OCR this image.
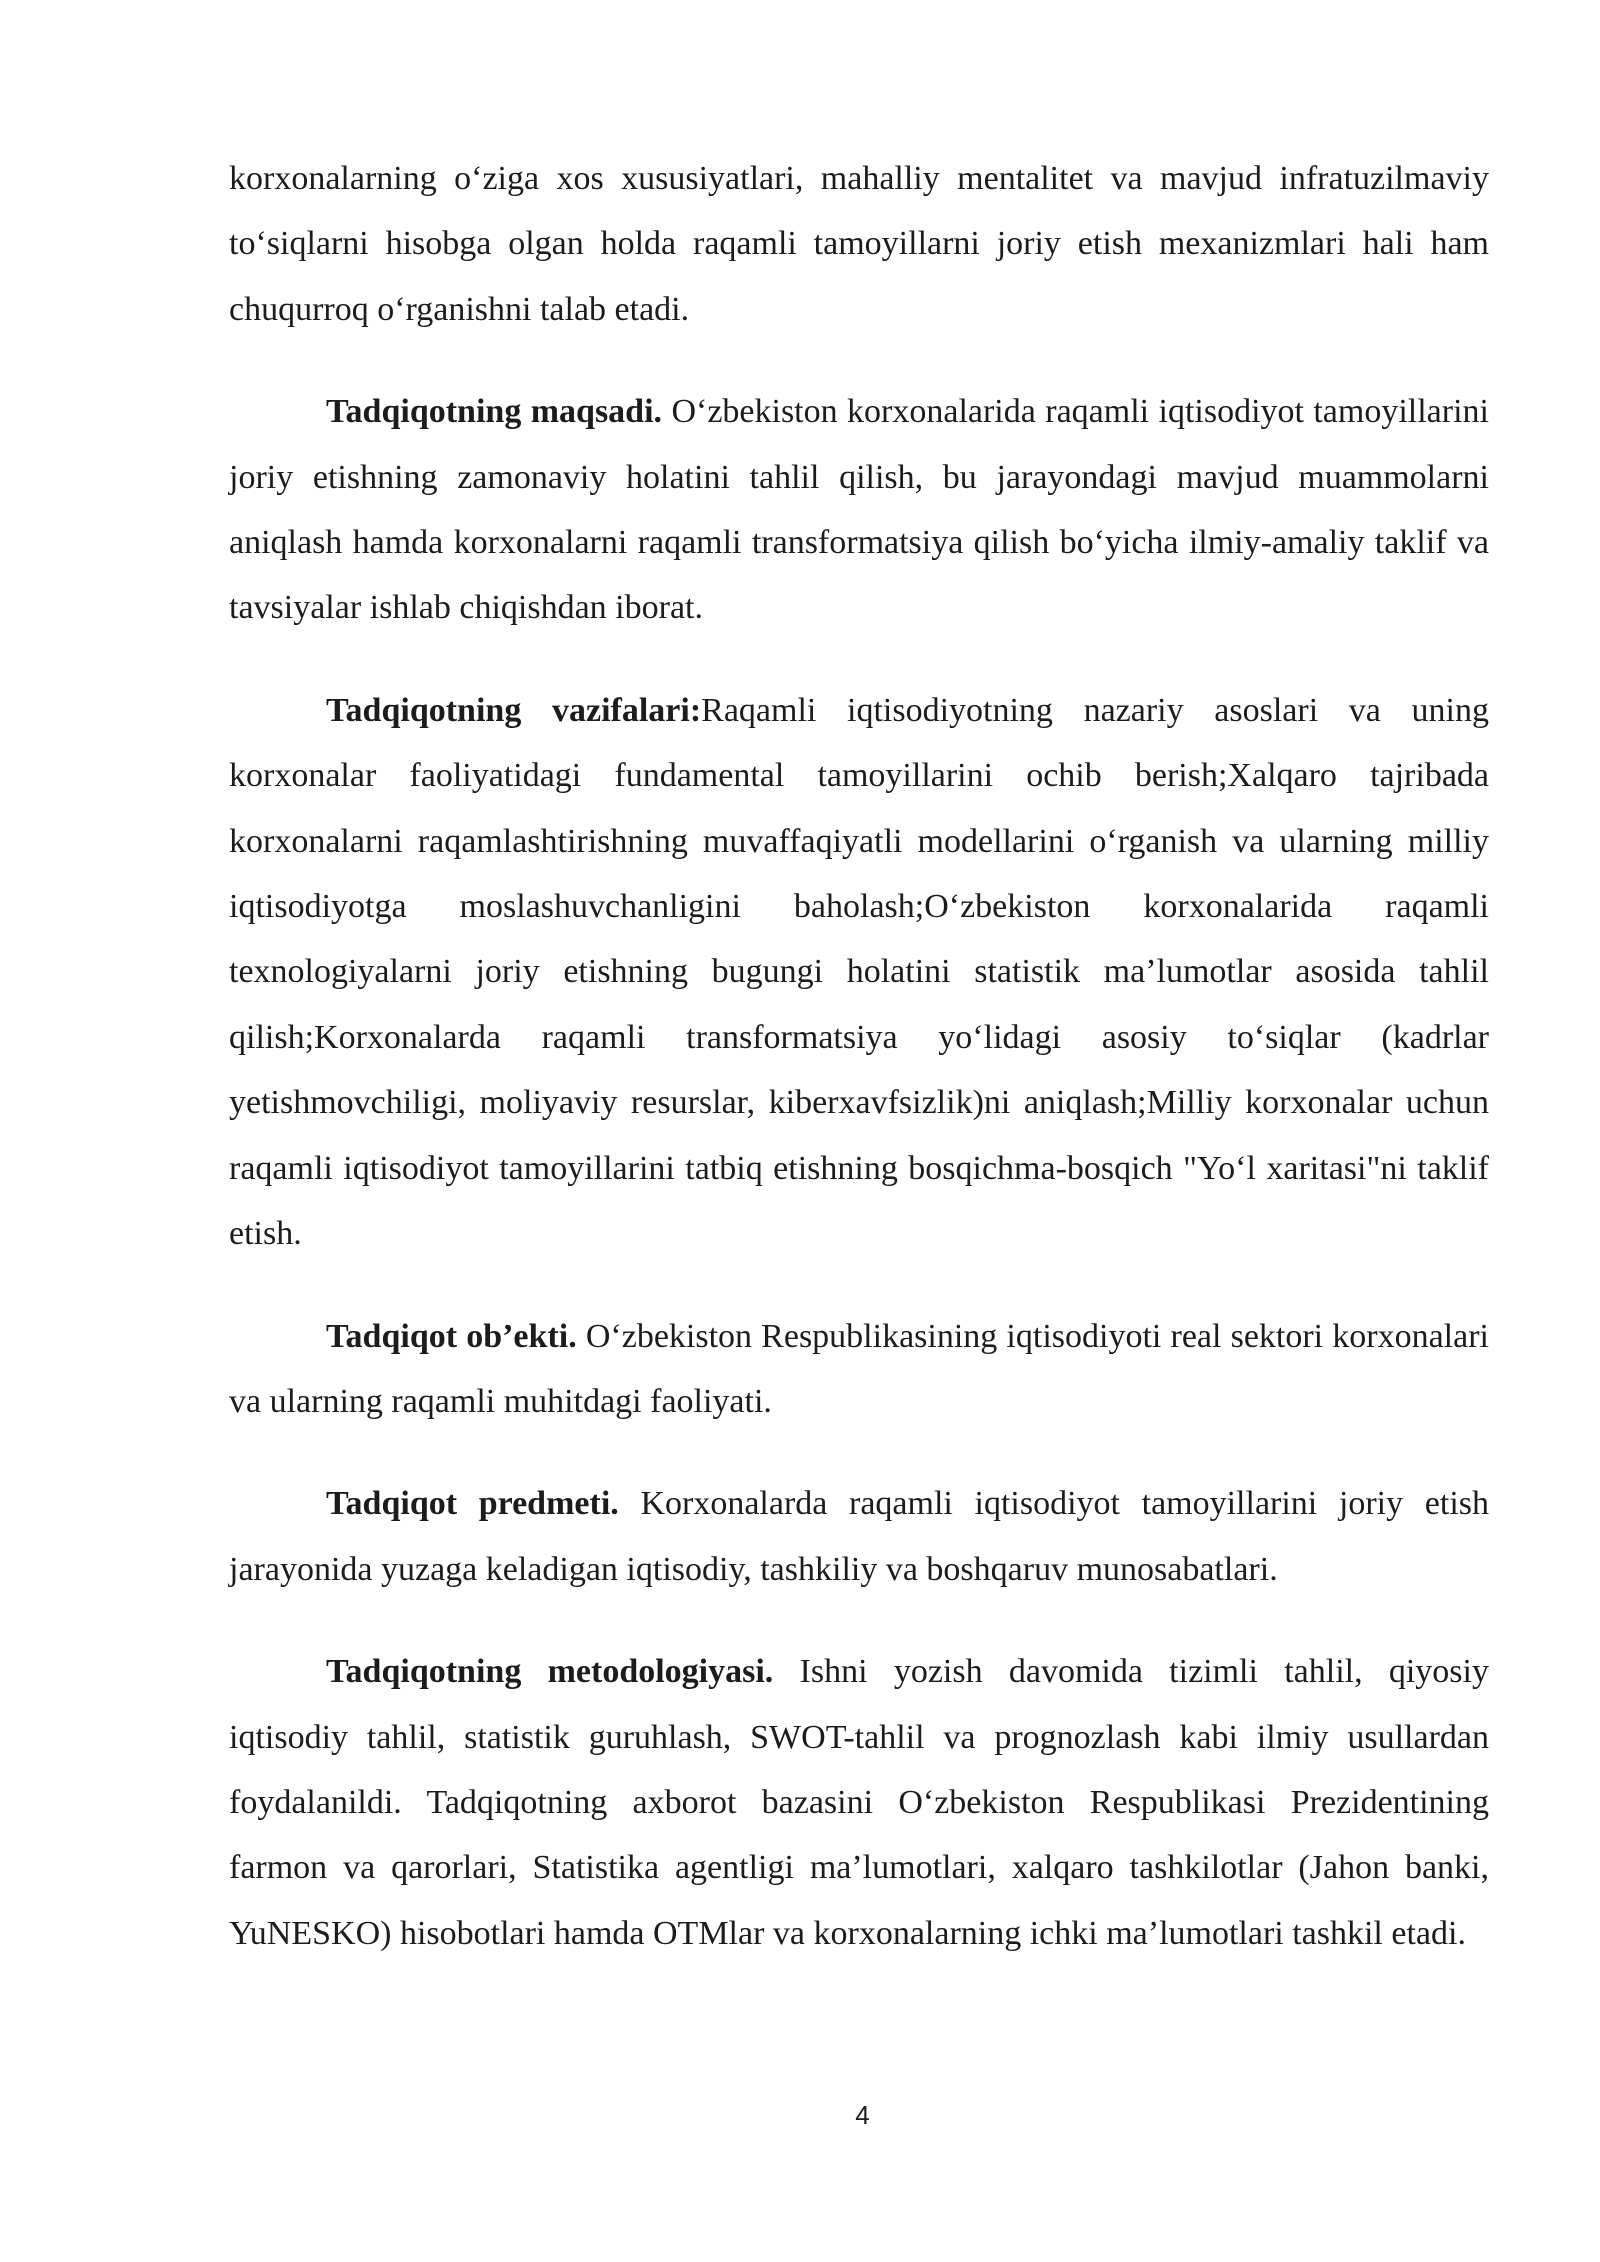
korxonalarning o‘ziga xos xususiyatlari, mahalliy mentalitet va mavjud infratuzilmaviy to‘siqlarni hisobga olgan holda raqamli tamoyillarni joriy etish mexanizmlari hali ham chuqurroq o‘rganishni talab etadi.

Tadqiqotning maqsadi. O‘zbekiston korxonalarida raqamli iqtisodiyot tamoyillarini joriy etishning zamonaviy holatini tahlil qilish, bu jarayondagi mavjud muammolarni aniqlash hamda korxonalarni raqamli transformatsiya qilish bo‘yicha ilmiy-amaliy taklif va tavsiyalar ishlab chiqishdan iborat.

Tadqiqotning vazifalari:Raqamli iqtisodiyotning nazariy asoslari va uning korxonalar faoliyatidagi fundamental tamoyillarini ochib berish;Xalqaro tajribada korxonalarni raqamlashtirishning muvaffaqiyatli modellarini o‘rganish va ularning milliy iqtisodiyotga moslashuvchanligini baholash;O‘zbekiston korxonalarida raqamli texnologiyalarni joriy etishning bugungi holatini statistik ma’lumotlar asosida tahlil qilish;Korxonalarda raqamli transformatsiya yo‘lidagi asosiy to‘siqlar (kadrlar yetishmovchiligi, moliyaviy resurslar, kiberxavfsizlik)ni aniqlash;Milliy korxonalar uchun raqamli iqtisodiyot tamoyillarini tatbiq etishning bosqichma-bosqich "Yo‘l xaritasi"ni taklif etish.

Tadqiqot ob’ekti. O‘zbekiston Respublikasining iqtisodiyoti real sektori korxonalari va ularning raqamli muhitdagi faoliyati.

Tadqiqot predmeti. Korxonalarda raqamli iqtisodiyot tamoyillarini joriy etish jarayonida yuzaga keladigan iqtisodiy, tashkiliy va boshqaruv munosabatlari.

Tadqiqotning metodologiyasi. Ishni yozish davomida tizimli tahlil, qiyosiy iqtisodiy tahlil, statistik guruhlash, SWOT-tahlil va prognozlash kabi ilmiy usullardan foydalanildi. Tadqiqotning axborot bazasini O‘zbekiston Respublikasi Prezidentining farmon va qarorlari, Statistika agentligi ma’lumotlari, xalqaro tashkilotlar (Jahon banki, YuNESKO) hisobotlari hamda OTMlar va korxonalarning ichki ma’lumotlari tashkil etadi.

4
